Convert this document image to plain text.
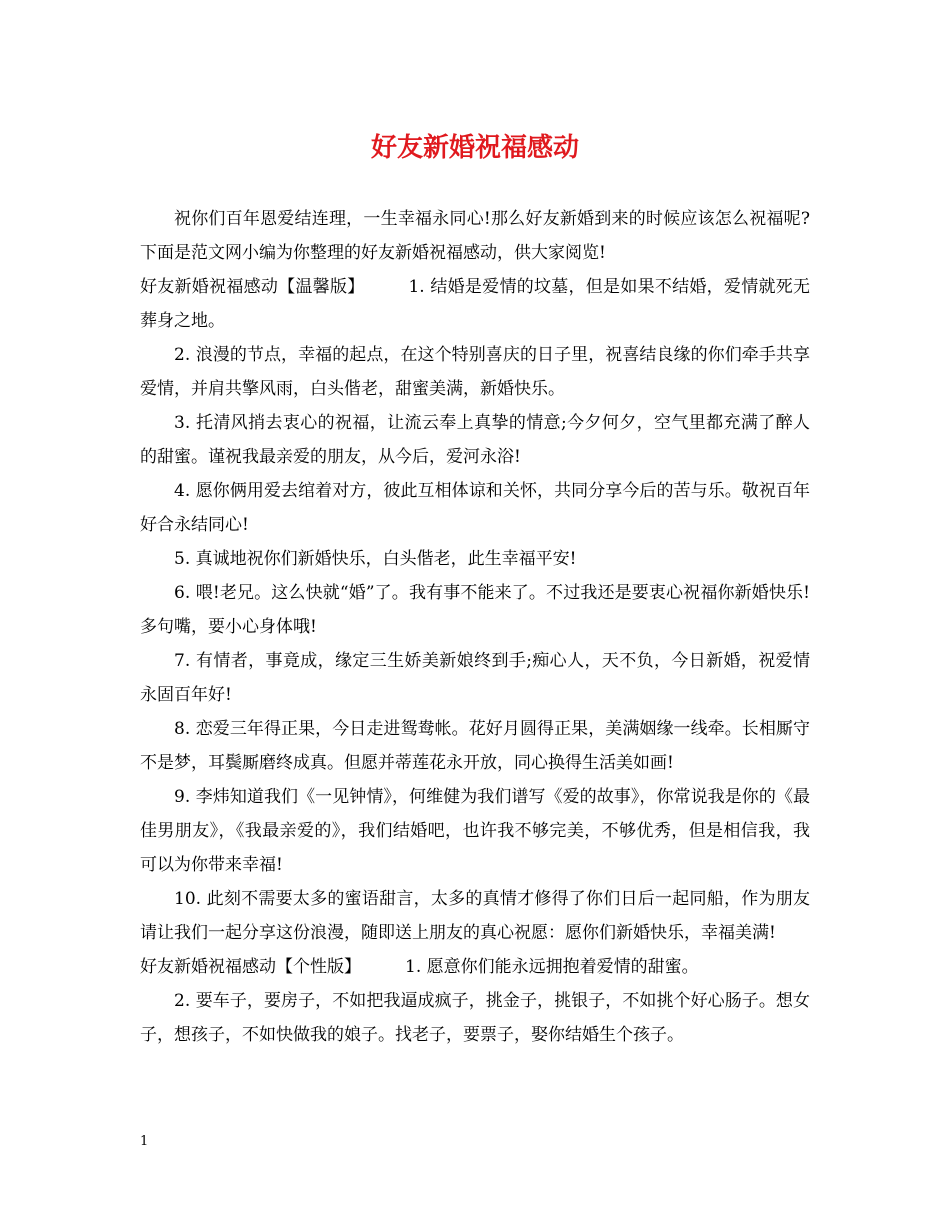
好友新婚祝福感动

祝你们百年恩爱结连理，一生幸福永同心!那么好友新婚到来的时候应该怎么祝福呢?下面是范文网小编为你整理的好友新婚祝福感动，供大家阅览!

好友新婚祝福感动【温馨版】	1. 结婚是爱情的坟墓，但是如果不结婚，爱情就死无葬身之地。

2. 浪漫的节点，幸福的起点，在这个特别喜庆的日子里，祝喜结良缘的你们牵手共享爱情，并肩共擎风雨，白头偕老，甜蜜美满，新婚快乐。

3. 托清风捎去衷心的祝福，让流云奉上真挚的情意;今夕何夕，空气里都充满了醉人的甜蜜。谨祝我最亲爱的朋友，从今后，爱河永浴!

4. 愿你俩用爱去绾着对方，彼此互相体谅和关怀，共同分享今后的苦与乐。敬祝百年好合永结同心!

5. 真诚地祝你们新婚快乐，白头偕老，此生幸福平安!

6. 喂!老兄。这么快就“婚”了。我有事不能来了。不过我还是要衷心祝福你新婚快乐!多句嘴，要小心身体哦!

7. 有情者，事竟成，缘定三生娇美新娘终到手;痴心人，天不负，今日新婚，祝爱情永固百年好!

8. 恋爱三年得正果，今日走进鸳鸯帐。花好月圆得正果，美满姻缘一线牵。长相厮守不是梦，耳鬓厮磨终成真。但愿并蒂莲花永开放，同心换得生活美如画!

9. 李炜知道我们《一见钟情》，何维健为我们谱写《爱的故事》，你常说我是你的《最佳男朋友》，《我最亲爱的》，我们结婚吧，也许我不够完美，不够优秀，但是相信我，我可以为你带来幸福!

10. 此刻不需要太多的蜜语甜言，太多的真情才修得了你们日后一起同船，作为朋友请让我们一起分享这份浪漫，随即送上朋友的真心祝愿：愿你们新婚快乐，幸福美满!

好友新婚祝福感动【个性版】	1. 愿意你们能永远拥抱着爱情的甜蜜。

2. 要车子，要房子，不如把我逼成疯子，挑金子，挑银子，不如挑个好心肠子。想女子，想孩子，不如快做我的娘子。找老子，要票子，娶你结婚生个孩子。

1
